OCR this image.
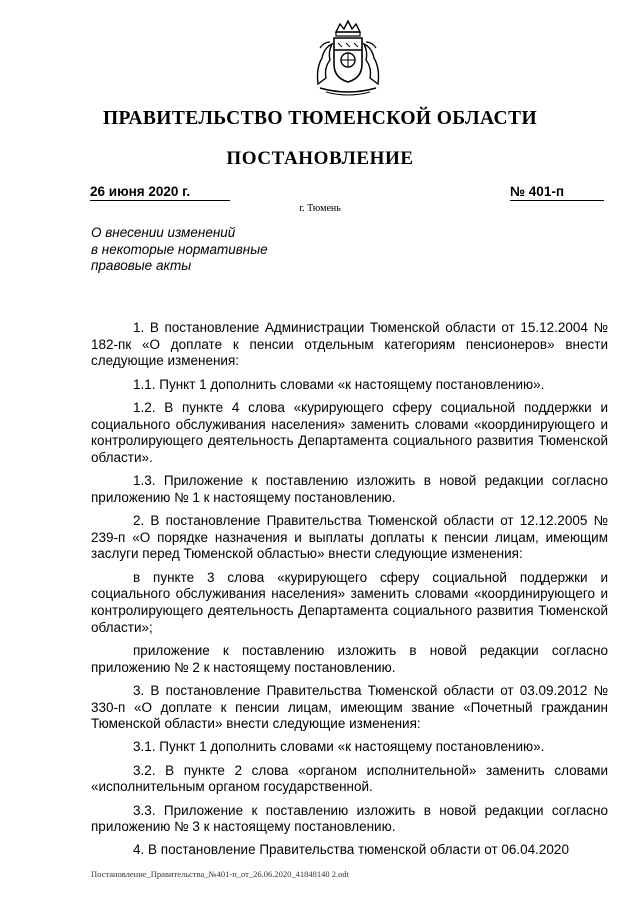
ПРАВИТЕЛЬСТВО ТЮМЕНСКОЙ ОБЛАСТИ
ПОСТАНОВЛЕНИЕ
26 июня 2020 г.	№ 401-п
г. Тюмень
О внесении изменений
в некоторые нормативные
правовые акты

1. В постановление Администрации Тюменской области от 15.12.2004 № 182-пк «О доплате к пенсии отдельным категориям пенсионеров» внести следующие изменения:

1.1. Пункт 1 дополнить словами «к настоящему постановлению».

1.2. В пункте 4 слова «курирующего сферу социальной поддержки и социального обслуживания населения» заменить словами «координирующего и контролирующего деятельность Департамента социального развития Тюменской области».

1.3. Приложение к поставлению изложить в новой редакции согласно приложению № 1 к настоящему постановлению.

2. В постановление Правительства Тюменской области от 12.12.2005 № 239-п «О порядке назначения и выплаты доплаты к пенсии лицам, имеющим заслуги перед Тюменской областью» внести следующие изменения:

в пункте 3 слова «курирующего сферу социальной поддержки и социального обслуживания населения» заменить словами «координирующего и контролирующего деятельность Департамента социального развития Тюменской области»;

приложение к поставлению изложить в новой редакции согласно приложению № 2 к настоящему постановлению.

3. В постановление Правительства Тюменской области от 03.09.2012 № 330-п «О доплате к пенсии лицам, имеющим звание «Почетный гражданин Тюменской области» внести следующие изменения:

3.1. Пункт 1 дополнить словами «к настоящему постановлению».

3.2. В пункте 2 слова «органом исполнительной» заменить словами «исполнительным органом государственной.

3.3. Приложение к поставлению изложить в новой редакции согласно приложению № 3 к настоящему постановлению.

4. В постановление Правительства тюменской области от 06.04.2020

Постановление_Правительства_№401-п_от_26.06.2020_41848140 2.odt
